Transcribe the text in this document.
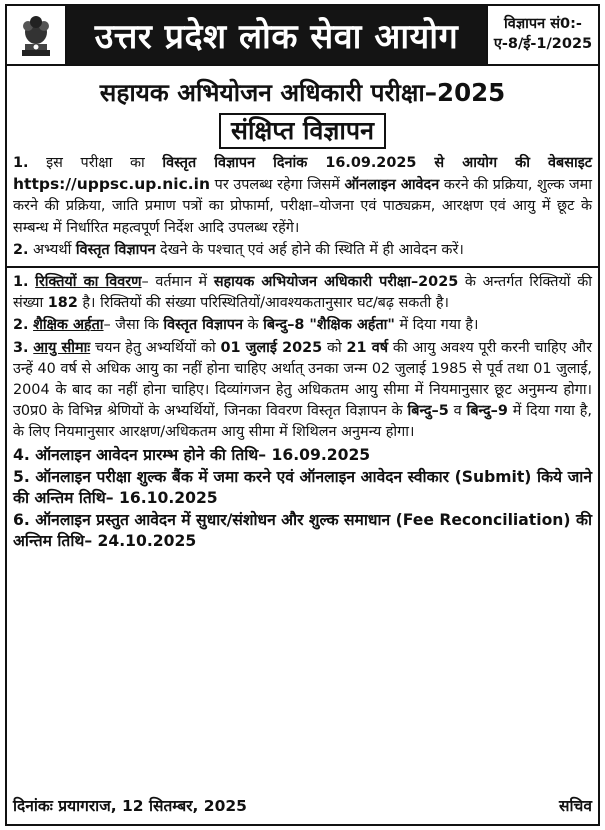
उत्तर प्रदेश लोक सेवा आयोग	विज्ञापन सं0:-
ए-8/ई-1/2025
सहायक अभियोजन अधिकारी परीक्षा–2025
संक्षिप्त विज्ञापन

1. इस परीक्षा का विस्तृत विज्ञापन दिनांक 16.09.2025 से आयोग की वेबसाइट https://uppsc.up.nic.in पर उपलब्ध रहेगा जिसमें ऑनलाइन आवेदन करने की प्रक्रिया, शुल्क जमा करने की प्रक्रिया, जाति प्रमाण पत्रों का प्रोफार्मा, परीक्षा–योजना एवं पाठ्यक्रम, आरक्षण एवं आयु में छूट के सम्बन्ध में निर्धारित महत्वपूर्ण निर्देश आदि उपलब्ध रहेंगे।

2. अभ्यर्थी विस्तृत विज्ञापन देखने के पश्चात् एवं अर्ह होने की स्थिति में ही आवेदन करें।

1. रिक्तियों का विवरण– वर्तमान में सहायक अभियोजन अधिकारी परीक्षा–2025 के अन्तर्गत रिक्तियों की संख्या 182 है। रिक्तियों की संख्या परिस्थितियों/आवश्यकतानुसार घट/बढ़ सकती है।

2. शैक्षिक अर्हता– जैसा कि विस्तृत विज्ञापन के बिन्दु–8 "शैक्षिक अर्हता" में दिया गया है।

3. आयु सीमाः चयन हेतु अभ्यर्थियों को 01 जुलाई 2025 को 21 वर्ष की आयु अवश्य पूरी करनी चाहिए और उन्हें 40 वर्ष से अधिक आयु का नहीं होना चाहिए अर्थात् उनका जन्म 02 जुलाई 1985 से पूर्व तथा 01 जुलाई, 2004 के बाद का नहीं होना चाहिए। दिव्यांगजन हेतु अधिकतम आयु सीमा में नियमानुसार छूट अनुमन्य होगा। उ0प्र0 के विभिन्न श्रेणियों के अभ्यर्थियों, जिनका विवरण विस्तृत विज्ञापन के बिन्दु–5 व बिन्दु–9 में दिया गया है, के लिए नियमानुसार आरक्षण/अधिकतम आयु सीमा में शिथिलन अनुमन्य होगा।

4. ऑनलाइन आवेदन प्रारम्भ होने की तिथि– 16.09.2025

5. ऑनलाइन परीक्षा शुल्क बैंक में जमा करने एवं ऑनलाइन आवेदन स्वीकार (Submit) किये जाने की अन्तिम तिथि– 16.10.2025

6. ऑनलाइन प्रस्तुत आवेदन में सुधार/संशोधन और शुल्क समाधान (Fee Reconciliation) की अन्तिम तिथि– 24.10.2025

दिनांकः प्रयागराज, 12 सितम्बर, 2025	सचिव
